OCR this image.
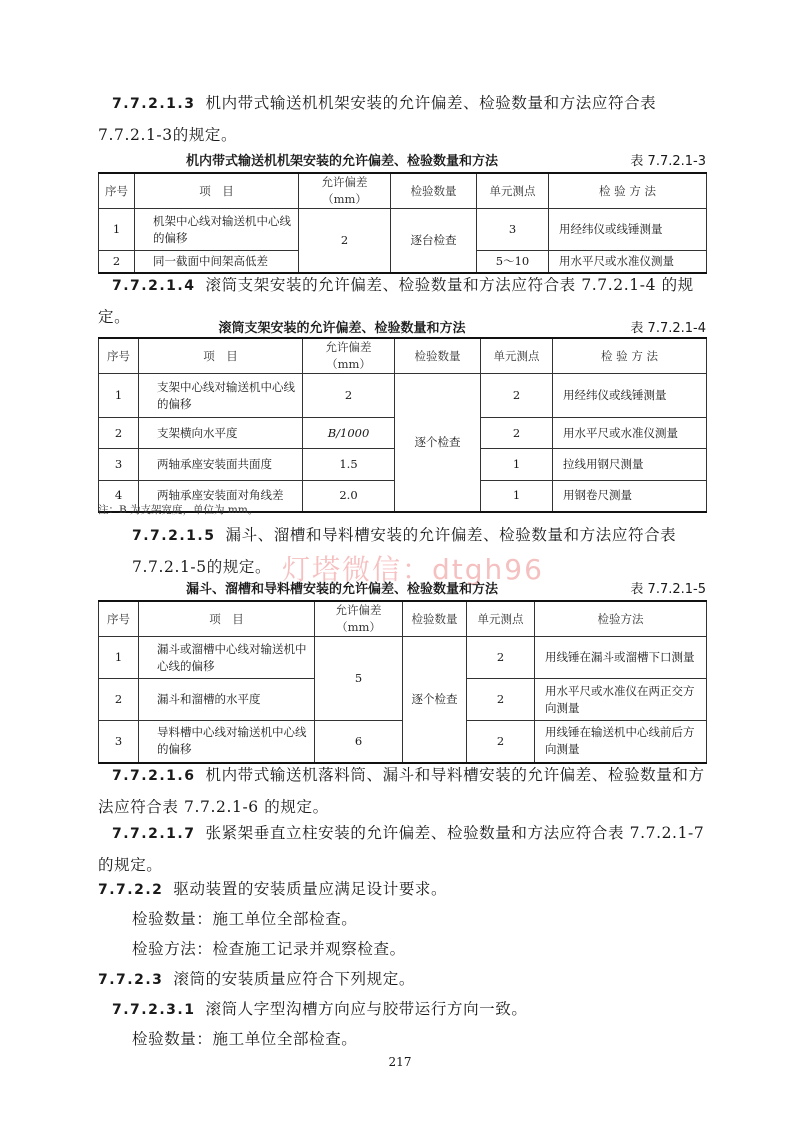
7.7.2.1.3 机内带式输送机机架安装的允许偏差、检验数量和方法应符合表7.7.2.1-3的规定。

机内带式输送机机架安装的允许偏差、检验数量和方法	表 7.7.2.1-3
序号	项　目	允许偏差（mm）	检验数量	单元测点	检 验 方 法
1	机架中心线对输送机中心线的偏移	2	逐台检查	3	用经纬仪或线锤测量
2	同一截面中间架高低差			5～10	用水平尺或水准仪测量

7.7.2.1.4 滚筒支架安装的允许偏差、检验数量和方法应符合表 7.7.2.1-4 的规定。

滚筒支架安装的允许偏差、检验数量和方法	表 7.7.2.1-4
序号	项　目	允许偏差（mm）	检验数量	单元测点	检 验 方 法
1	支架中心线对输送机中心线的偏移	2	逐个检查	2	用经纬仪或线锤测量
2	支架横向水平度	B/1000		2	用水平尺或水准仪测量
3	两轴承座安装面共面度	1.5		1	拉线用钢尺测量
4	两轴承座安装面对角线差	2.0		1	用钢卷尺测量
注：B 为支架宽度，单位为 mm。

7.7.2.1.5 漏斗、溜槽和导料槽安装的允许偏差、检验数量和方法应符合表 7.7.2.1-5的规定。 灯塔微信：dtgh96
漏斗、溜槽和导料槽安装的允许偏差、检验数量和方法	表 7.7.2.1-5
序号	项　目	允许偏差（mm）	检验数量	单元测点	检验方法
1	漏斗或溜槽中心线对输送机中心线的偏移	5	逐个检查	2	用线锤在漏斗或溜槽下口测量
2	漏斗和溜槽的水平度			2	用水平尺或水准仪在两正交方向测量
3	导料槽中心线对输送机中心线的偏移	6		2	用线锤在输送机中心线前后方向测量

7.7.2.1.6 机内带式输送机落料筒、漏斗和导料槽安装的允许偏差、检验数量和方法应符合表 7.7.2.1-6 的规定。

7.7.2.1.7 张紧架垂直立柱安装的允许偏差、检验数量和方法应符合表 7.7.2.1-7的规定。

7.7.2.2 驱动装置的安装质量应满足设计要求。

检验数量：施工单位全部检查。

检验方法：检查施工记录并观察检查。

7.7.2.3 滚筒的安装质量应符合下列规定。

7.7.2.3.1 滚筒人字型沟槽方向应与胶带运行方向一致。

检验数量：施工单位全部检查。

217
